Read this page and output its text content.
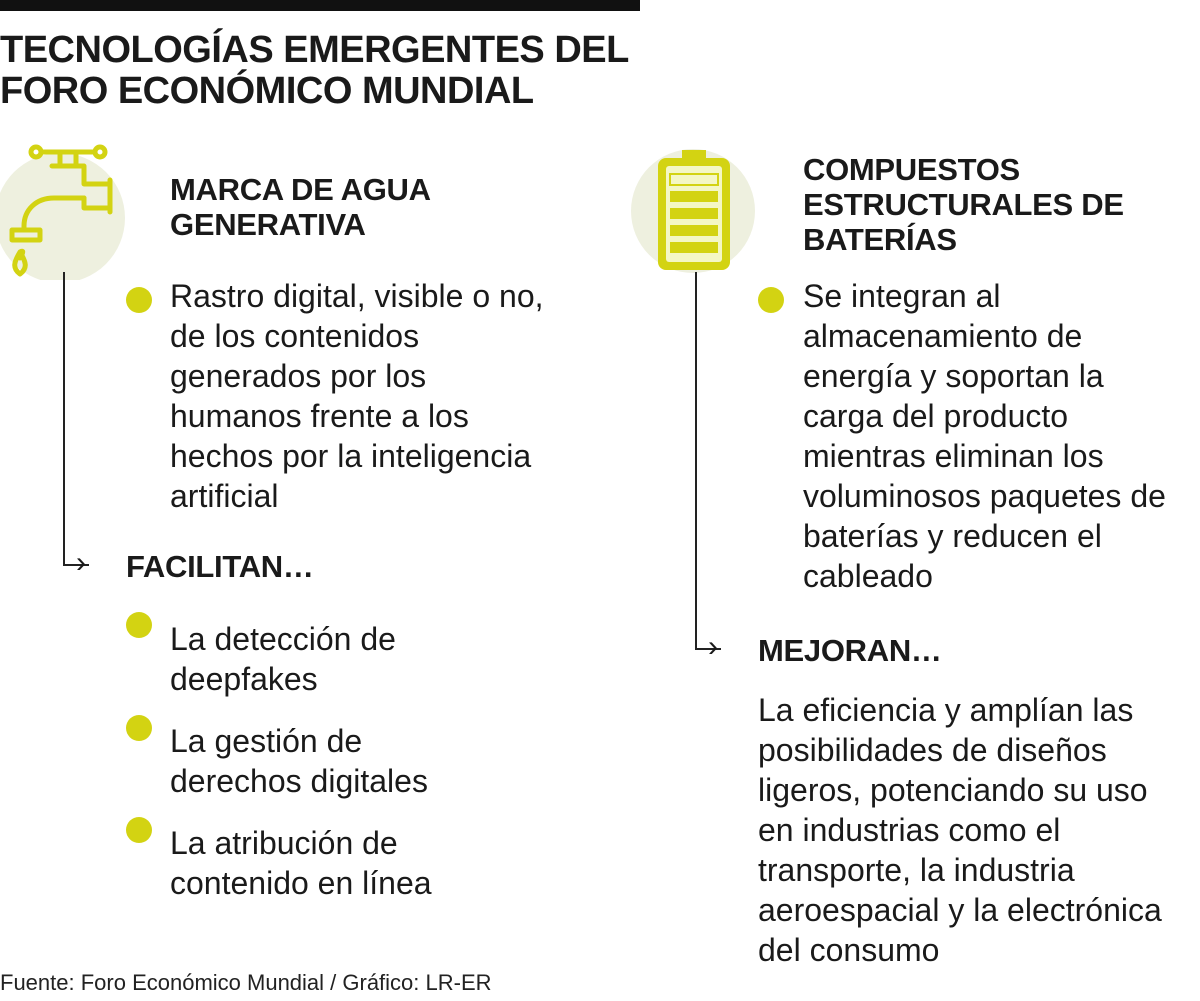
TECNOLOGÍAS EMERGENTES DEL FORO ECONÓMICO MUNDIAL
MARCA DE AGUA GENERATIVA
›
Rastro digital, visible o no, de los contenidos generados por los humanos frente a los hechos por la inteligencia artificial
FACILITAN…
La detección de deepfakes
La gestión de derechos digitales
La atribución de contenido en línea
COMPUESTOS ESTRUCTURALES DE BATERÍAS
›
Se integran al almacenamiento de energía y soportan la carga del producto mientras eliminan los voluminosos paquetes de baterías y reducen el cableado
MEJORAN…
La eficiencia y amplían las posibilidades de diseños ligeros, potenciando su uso en industrias como el transporte, la industria aeroespacial y la electrónica del consumo
Fuente: Foro Económico Mundial / Gráfico: LR-ER
